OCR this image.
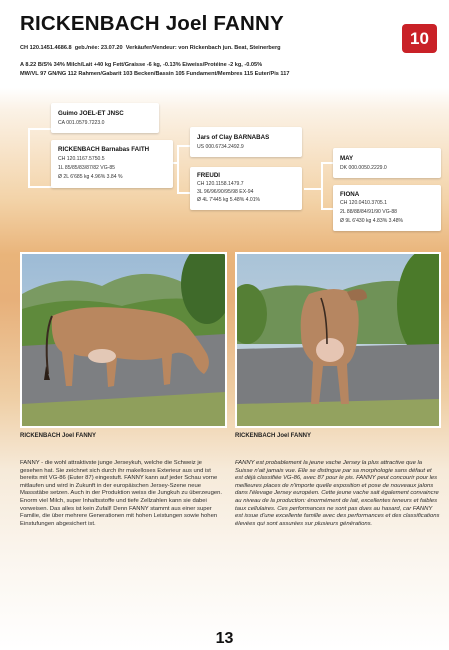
RICKENBACH Joel FANNY
10
CH 120.1451.4686.8 geb./née: 23.07.20 Verkäufer/Vendeur: von Rickenbach jun. Beat, Steinerberg
A 8.22 B/S% 34% Milch/Lait +40 kg Fett/Graisse -6 kg, -0.13% Eiweiss/Protéine -2 kg, -0.05%
MW/VL 97 GN/NG 112 Rahmen/Gabarit 103 Becken/Bassin 105 Fundament/Membres 115 Euter/Pis 117
Guimo JOEL-ET JNSC
CA 001.0579.7223.0
RICKENBACH Barnabas FAITH
CH 120.1167.5750.5
1L 85/85/83/87/82 VG-85
Ø 2L 6'685 kg 4.96% 3.84 %
Jars of Clay BARNABAS
US 000.6734.2492.9
FREUDI
CH 120.1158.1479.7
3L 96/96/90/95/98 EX-94
Ø 4L 7'445 kg 5.48% 4.01%
MAY
DK 000.0050.2229.0
FIONA
CH 120.0410.3705.1
2L 88/88/84/91/90 VG-88
Ø 9L 6'430 kg 4.83% 3.48%
RICKENBACH Joel FANNY	RICKENBACH Joel FANNY
FANNY - die wohl attraktivste junge Jerseykuh, welche die Schweiz je gesehen hat. Sie zeichnet sich durch ihr makelloses Exterieur aus und ist bereits mit VG-86 (Euter 87) eingestuft. FANNY kann auf jeder Schau vorne mitlaufen und wird in Zukunft in der europäischen Jersey-Szene neue Massstäbe setzen. Auch in der Produktion weiss die Jungkuh zu überzeugen. Enorm viel Milch, super Inhaltsstoffe und tiefe Zellzahlen kann sie dabei vorweisen. Das alles ist kein Zufall! Denn FANNY stammt aus einer super Familie, die über mehrere Generationen mit hohen Leistungen sowie hohen Einstufungen abgesichert ist.
FANNY est probablement la jeune vache Jersey la plus attractive que la Suisse n'ait jamais vue. Elle se distingue par sa morphologie sans défaut et est déjà classifiée VG-86, avec 87 pour le pis. FANNY peut concourir pour les meilleures places de n'importe quelle exposition et pose de nouveaux jalons dans l'élevage Jersey européen. Cette jeune vache sait également convaincre au niveau de la production: énormément de lait, excellentes teneurs et faibles taux cellulaires. Ces performances ne sont pas dues au hasard, car FANNY est issue d'une excellente famille avec des performances et des classifications élevées qui sont assurées sur plusieurs générations.
13
